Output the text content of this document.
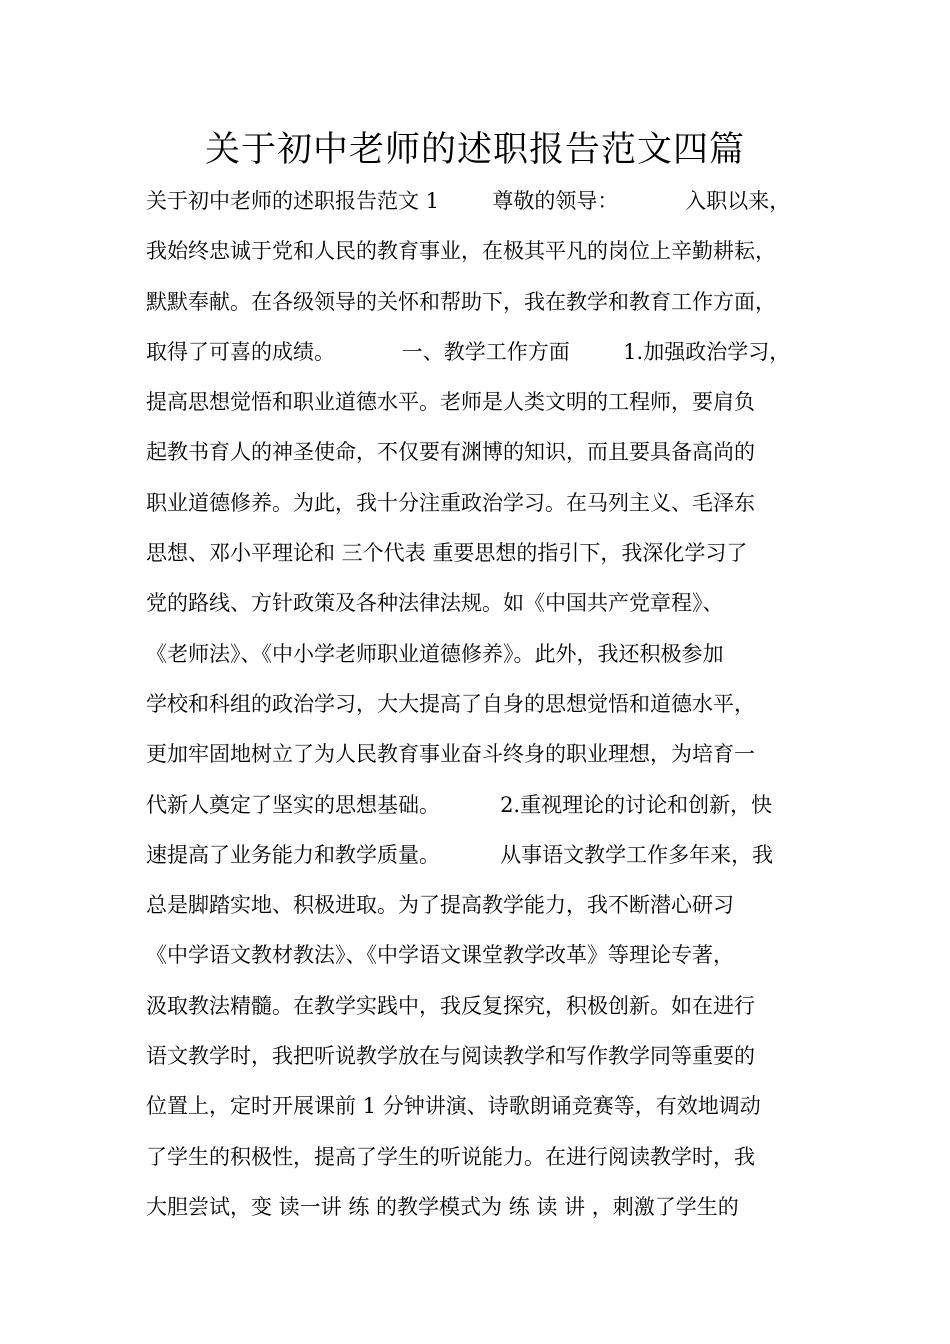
关于初中老师的述职报告范文四篇
关于初中老师的述职报告范文 1        尊敬的领导：          入职以来，
我始终忠诚于党和人民的教育事业，在极其平凡的岗位上辛勤耕耘，
默默奉献。在各级领导的关怀和帮助下，我在教学和教育工作方面，
取得了可喜的成绩。          一、教学工作方面        1.加强政治学习，
提高思想觉悟和职业道德水平。老师是人类文明的工程师，要肩负
起教书育人的神圣使命，不仅要有渊博的知识，而且要具备高尚的
职业道德修养。为此，我十分注重政治学习。在马列主义、毛泽东
思想、邓小平理论和 三个代表 重要思想的指引下，我深化学习了
党的路线、方针政策及各种法律法规。如《中国共产党章程》、
《老师法》、《中小学老师职业道德修养》。此外，我还积极参加
学校和科组的政治学习，大大提高了自身的思想觉悟和道德水平，
更加牢固地树立了为人民教育事业奋斗终身的职业理想，为培育一
代新人奠定了坚实的思想基础。         2.重视理论的讨论和创新，快
速提高了业务能力和教学质量。         从事语文教学工作多年来，我
总是脚踏实地、积极进取。为了提高教学能力，我不断潜心研习
《中学语文教材教法》、《中学语文课堂教学改革》等理论专著，
汲取教法精髓。在教学实践中，我反复探究，积极创新。如在进行
语文教学时，我把听说教学放在与阅读教学和写作教学同等重要的
位置上，定时开展课前 1 分钟讲演、诗歌朗诵竞赛等，有效地调动
了学生的积极性，提高了学生的听说能力。在进行阅读教学时，我
大胆尝试，变 读一讲 练 的教学模式为 练 读 讲 ，刺激了学生的
